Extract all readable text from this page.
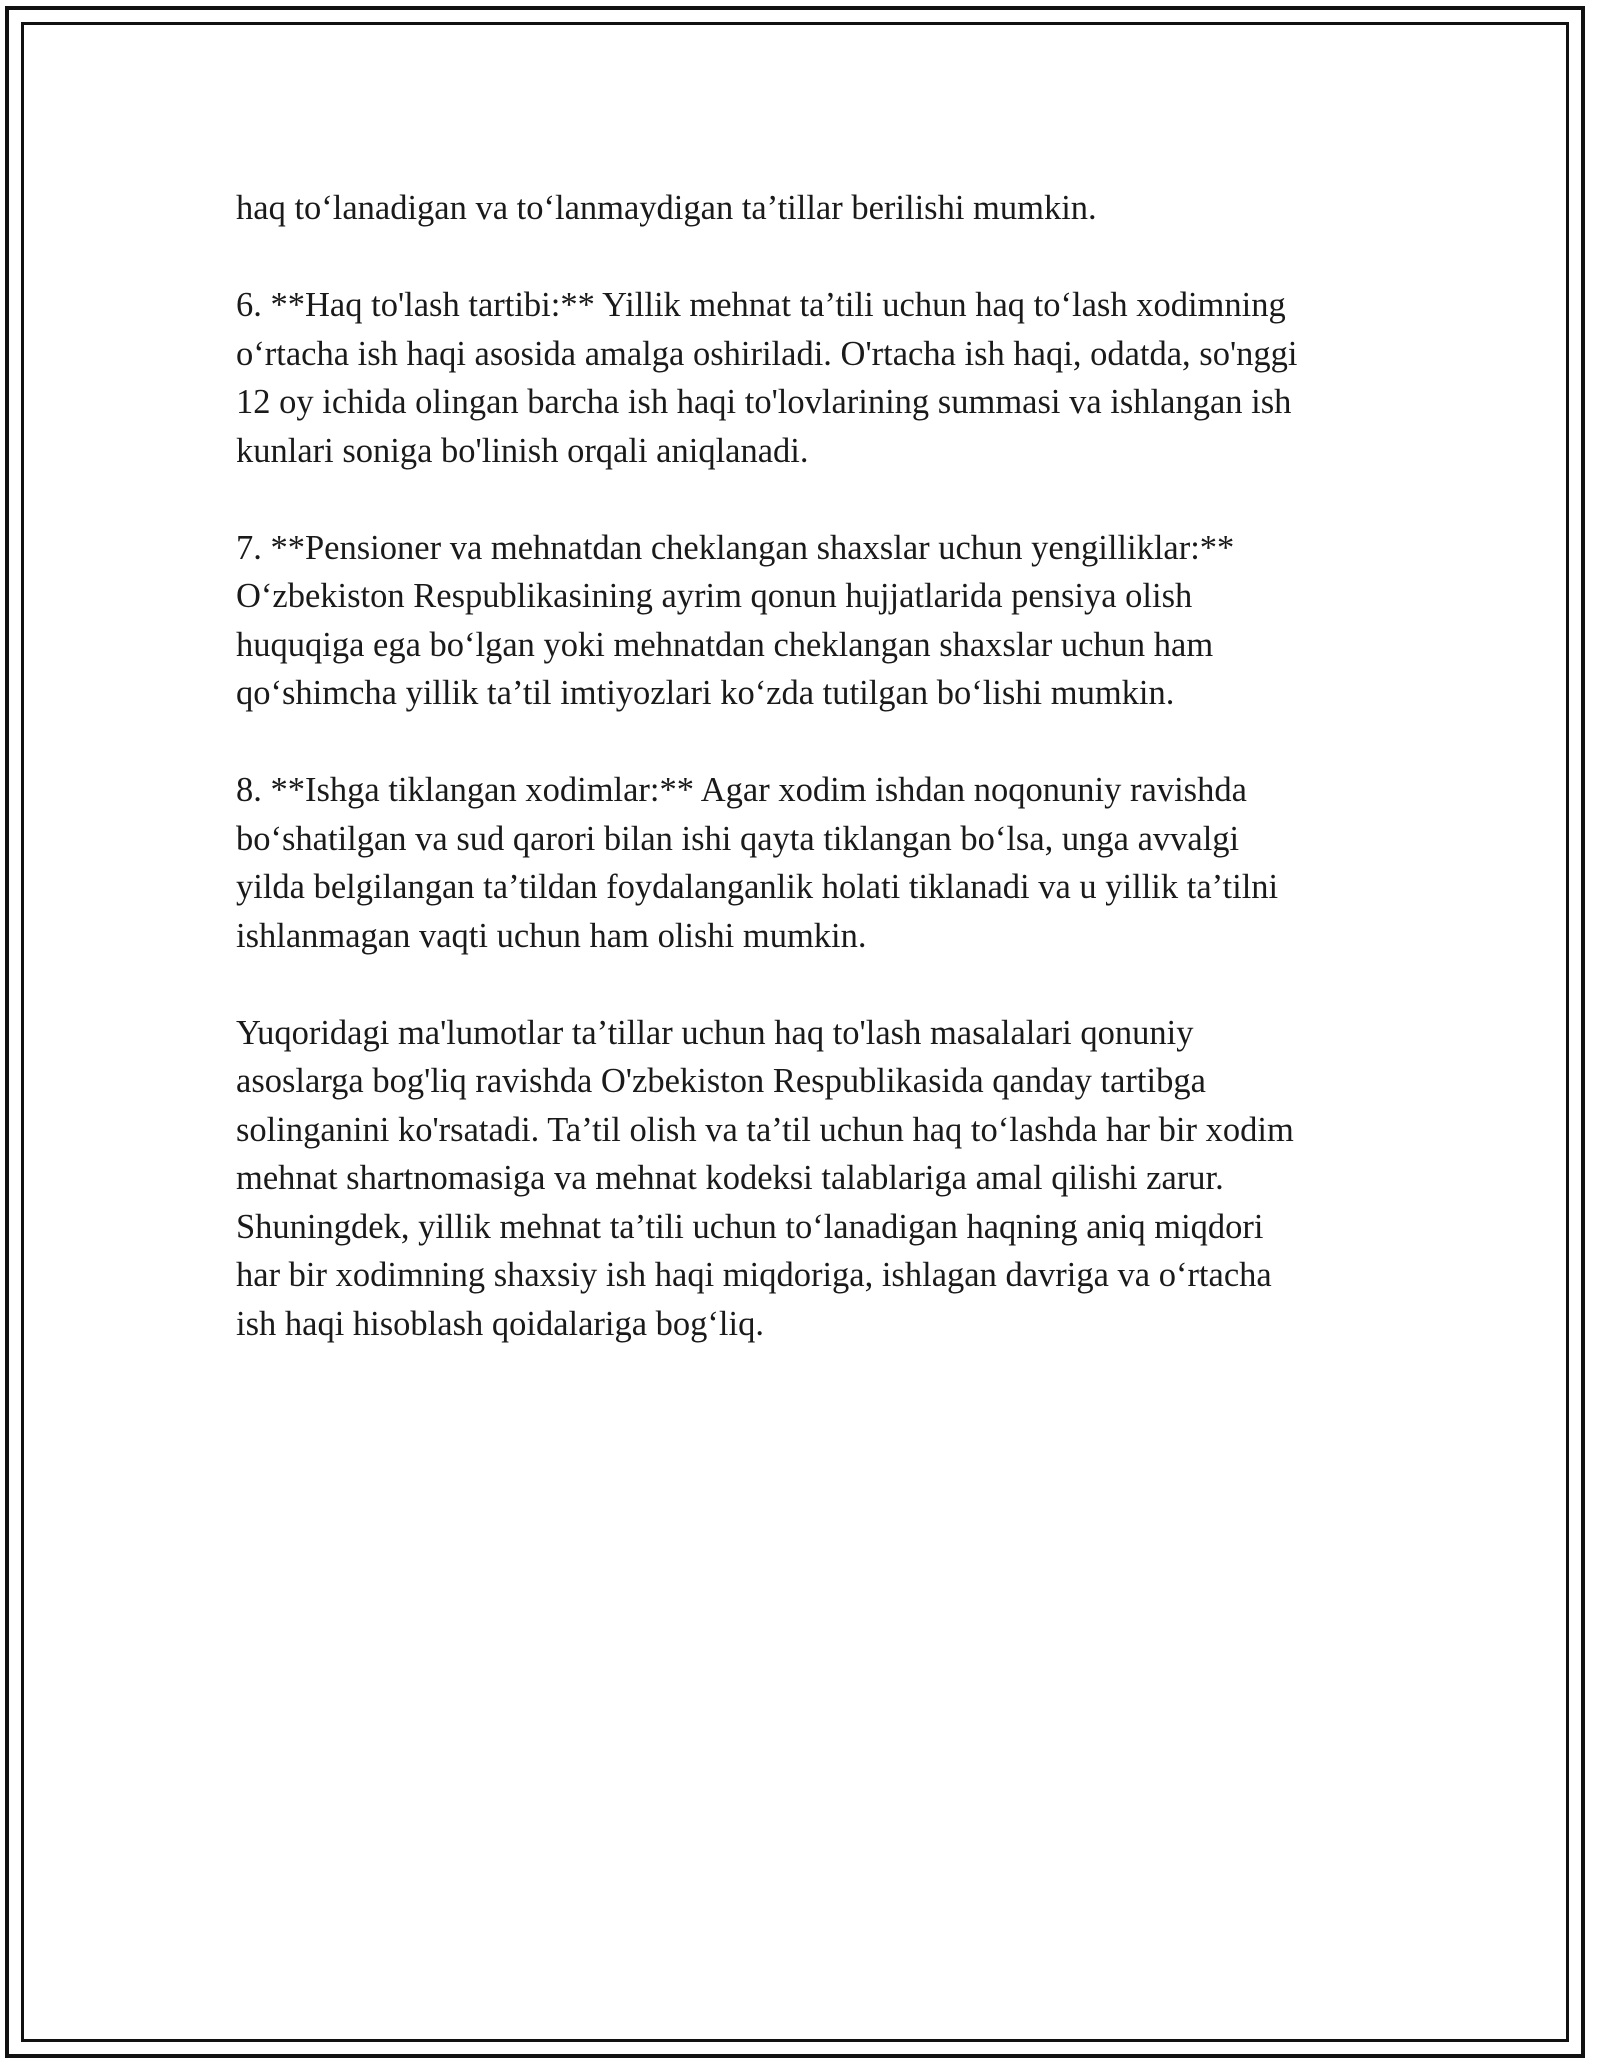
haq to‘lanadigan va to‘lanmaydigan ta’tillar berilishi mumkin.

6. **Haq to'lash tartibi:** Yillik mehnat ta’tili uchun haq to‘lash xodimning
o‘rtacha ish haqi asosida amalga oshiriladi. O'rtacha ish haqi, odatda, so'nggi
12 oy ichida olingan barcha ish haqi to'lovlarining summasi va ishlangan ish
kunlari soniga bo'linish orqali aniqlanadi.

7. **Pensioner va mehnatdan cheklangan shaxslar uchun yengilliklar:**
O‘zbekiston Respublikasining ayrim qonun hujjatlarida pensiya olish
huquqiga ega bo‘lgan yoki mehnatdan cheklangan shaxslar uchun ham
qo‘shimcha yillik ta’til imtiyozlari ko‘zda tutilgan bo‘lishi mumkin.

8. **Ishga tiklangan xodimlar:** Agar xodim ishdan noqonuniy ravishda
bo‘shatilgan va sud qarori bilan ishi qayta tiklangan bo‘lsa, unga avvalgi
yilda belgilangan ta’tildan foydalanganlik holati tiklanadi va u yillik ta’tilni
ishlanmagan vaqti uchun ham olishi mumkin.

Yuqoridagi ma'lumotlar ta’tillar uchun haq to'lash masalalari qonuniy
asoslarga bog'liq ravishda O'zbekiston Respublikasida qanday tartibga
solinganini ko'rsatadi. Ta’til olish va ta’til uchun haq to‘lashda har bir xodim
mehnat shartnomasiga va mehnat kodeksi talablariga amal qilishi zarur.
Shuningdek, yillik mehnat ta’tili uchun to‘lanadigan haqning aniq miqdori
har bir xodimning shaxsiy ish haqi miqdoriga, ishlagan davriga va o‘rtacha
ish haqi hisoblash qoidalariga bog‘liq.
